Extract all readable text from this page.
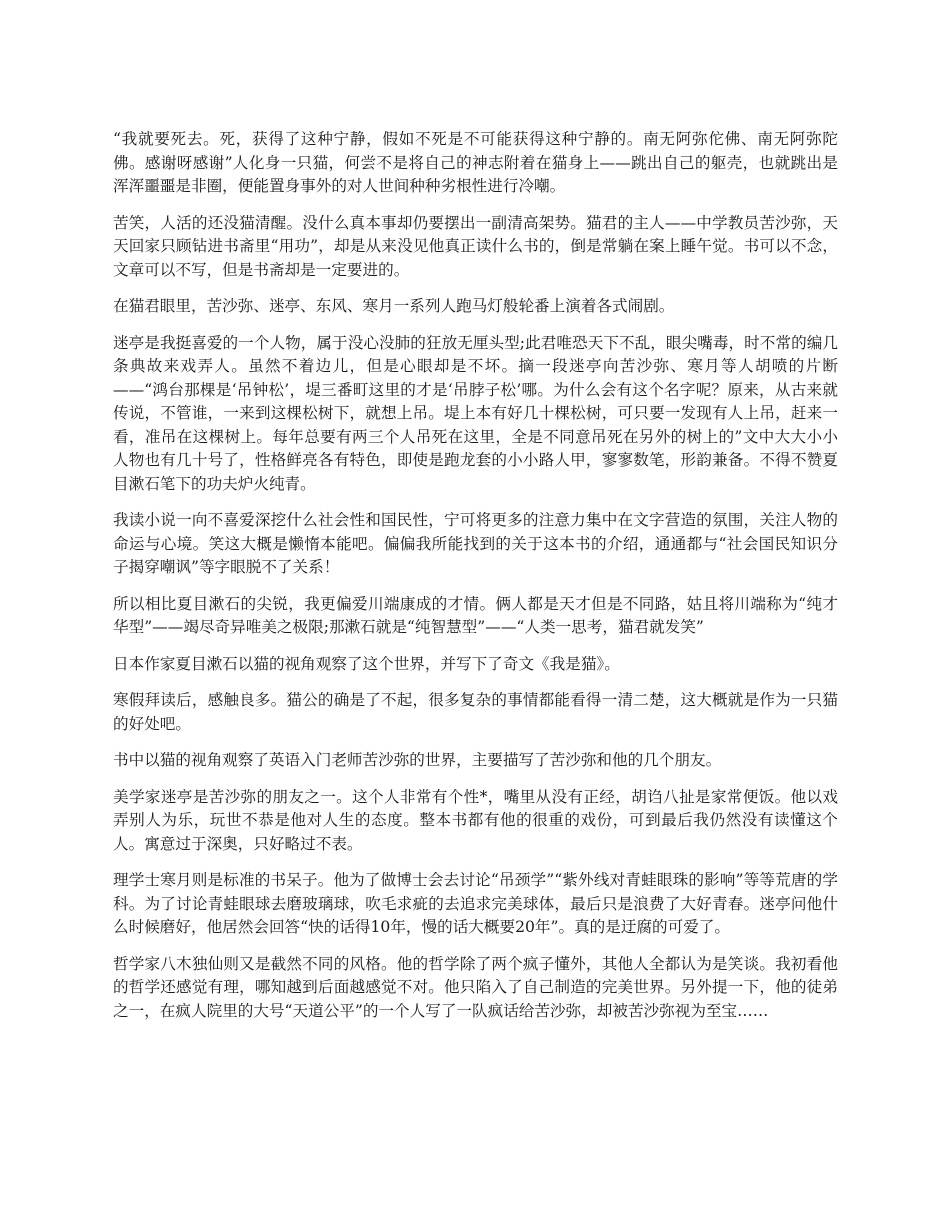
“我就要死去。死，获得了这种宁静，假如不死是不可能获得这种宁静的。南无阿弥佗佛、南无阿弥陀佛。感谢呀感谢”人化身一只猫，何尝不是将自己的神志附着在猫身上——跳出自己的躯壳，也就跳出是浑浑噩噩是非圈，便能置身事外的对人世间种种劣根性进行冷嘲。

苦笑，人活的还没猫清醒。没什么真本事却仍要摆出一副清高架势。猫君的主人——中学教员苦沙弥，天天回家只顾钻进书斋里“用功”，却是从来没见他真正读什么书的，倒是常躺在案上睡午觉。书可以不念，文章可以不写，但是书斋却是一定要进的。

在猫君眼里，苦沙弥、迷亭、东风、寒月一系列人跑马灯般轮番上演着各式闹剧。

迷亭是我挺喜爱的一个人物，属于没心没肺的狂放无厘头型;此君唯恐天下不乱，眼尖嘴毒，时不常的编几条典故来戏弄人。虽然不着边儿，但是心眼却是不坏。摘一段迷亭向苦沙弥、寒月等人胡喷的片断——“鸿台那棵是‘吊钟松’，堤三番町这里的才是‘吊脖子松’哪。为什么会有这个名字呢？原来，从古来就传说，不管谁，一来到这棵松树下，就想上吊。堤上本有好几十棵松树，可只要一发现有人上吊，赶来一看，准吊在这棵树上。每年总要有两三个人吊死在这里，全是不同意吊死在另外的树上的”文中大大小小人物也有几十号了，性格鲜亮各有特色，即使是跑龙套的小小路人甲，寥寥数笔，形韵兼备。不得不赞夏目漱石笔下的功夫炉火纯青。

我读小说一向不喜爱深挖什么社会性和国民性，宁可将更多的注意力集中在文字营造的氛围，关注人物的命运与心境。笑这大概是懒惰本能吧。偏偏我所能找到的关于这本书的介绍，通通都与“社会国民知识分子揭穿嘲讽”等字眼脱不了关系！

所以相比夏目漱石的尖锐，我更偏爱川端康成的才情。俩人都是天才但是不同路，姑且将川端称为“纯才华型”——竭尽奇异唯美之极限;那漱石就是“纯智慧型”——“人类一思考，猫君就发笑”

日本作家夏目漱石以猫的视角观察了这个世界，并写下了奇文《我是猫》。

寒假拜读后，感触良多。猫公的确是了不起，很多复杂的事情都能看得一清二楚，这大概就是作为一只猫的好处吧。

书中以猫的视角观察了英语入门老师苦沙弥的世界，主要描写了苦沙弥和他的几个朋友。

美学家迷亭是苦沙弥的朋友之一。这个人非常有个性*，嘴里从没有正经，胡诌八扯是家常便饭。他以戏弄别人为乐，玩世不恭是他对人生的态度。整本书都有他的很重的戏份，可到最后我仍然没有读懂这个人。寓意过于深奥，只好略过不表。

理学士寒月则是标准的书呆子。他为了做博士会去讨论“吊颈学”“紫外线对青蛙眼珠的影响”等等荒唐的学科。为了讨论青蛙眼球去磨玻璃球，吹毛求疵的去追求完美球体，最后只是浪费了大好青春。迷亭问他什么时候磨好，他居然会回答“快的话得10年，慢的话大概要20年”。真的是迂腐的可爱了。

哲学家八木独仙则又是截然不同的风格。他的哲学除了两个疯子懂外，其他人全都认为是笑谈。我初看他的哲学还感觉有理，哪知越到后面越感觉不对。他只陷入了自己制造的完美世界。另外提一下，他的徒弟之一，在疯人院里的大号“天道公平”的一个人写了一队疯话给苦沙弥，却被苦沙弥视为至宝……
